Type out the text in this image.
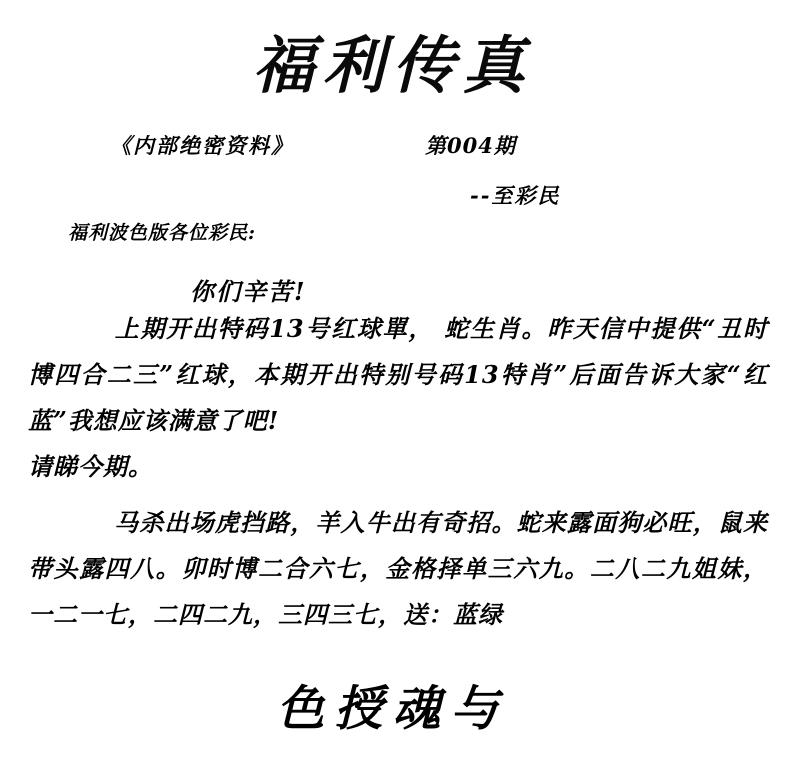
福利传真
《内部绝密资料》	第004期
--至彩民
福利波色版各位彩民:
你们辛苦!
上期开出特码13号红球單， 蛇生肖。昨天信中提供“丑时博四合二三”红球，本期开出特别号码13特肖”后面告诉大家“红蓝”我想应该满意了吧!
请睇今期。
马杀出场虎挡路，羊入牛出有奇招。蛇来露面狗必旺，鼠来带头露四八。卯时博二合六七，金格择单三六九。二八二九姐妹，一二一七，二四二九，三四三七，送：蓝绿
色授魂与
